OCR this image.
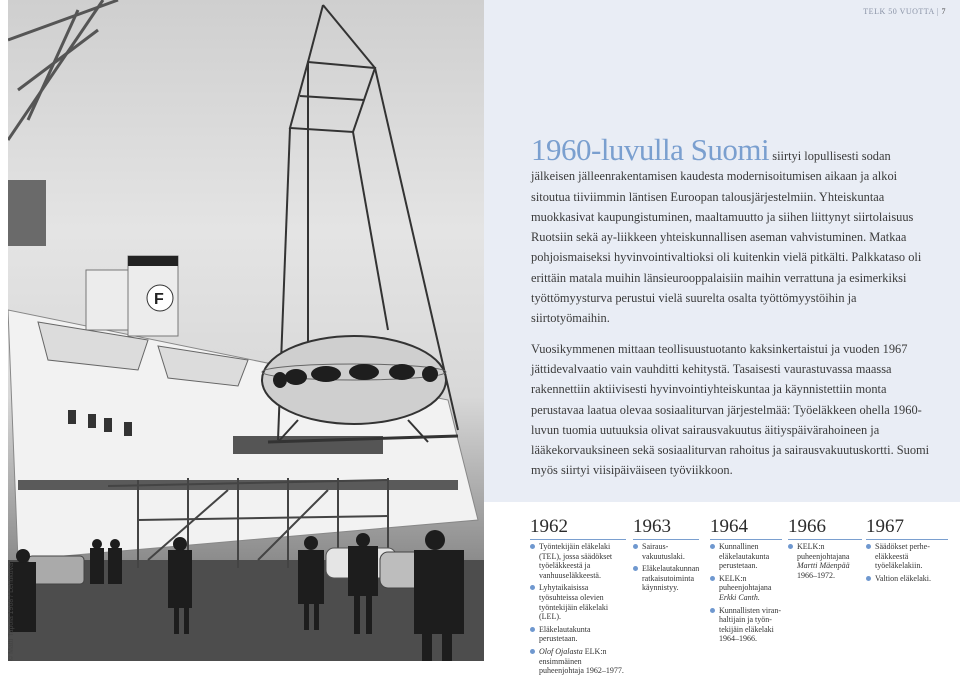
F
© Matti Tapola 1968 / Lehtikuva
TELK 50 VUOTTA | 7

1960-luvulla Suomi siirtyi lopullisesti sodan jälkeisen jälleenrakentamisen kaudesta modernisoitumisen aikaan ja alkoi sitoutua tiiviimmin läntisen Euroopan talousjärjestelmiin. Yhteiskuntaa muokkasivat kaupungistuminen, maaltamuutto ja siihen liittynyt siirtolaisuus Ruotsiin sekä ay-liikkeen yhteiskunnallisen aseman vahvistuminen. Matkaa pohjoismaiseksi hyvinvointivaltioksi oli kuitenkin vielä pitkälti. Palkkataso oli erittäin matala muihin länsieurooppalaisiin maihin verrattuna ja esimerkiksi työttömyysturva perustui vielä suurelta osalta työttömyystöihin ja siirtotyömaihin.

Vuosikymmenen mittaan teollisuustuotanto kaksinkertaistui ja vuoden 1967 jättidevalvaatio vain vauhditti kehitystä. Tasaisesti vaurastuvassa maassa rakennettiin aktiivisesti hyvinvointiyhteiskuntaa ja käynnistettiin monta perustavaa laatua olevaa sosiaaliturvan järjestelmää: Työeläkkeen ohella 1960-luvun tuomia uutuuksia olivat sairausvakuutus äitiyspäivärahoineen ja lääkekorvauksineen sekä sosiaaliturvan rahoitus ja sairausvakuutuskortti. Suomi myös siirtyi viisipäiväiseen työviikkoon.

1962
Työntekijäin eläkelaki (TEL), jossa säädökset työeläkkeestä ja vanhuuseläkkeestä.
Lyhytaikaisissa työsuhteissa olevien työntekijäin eläkelaki (LEL).
Eläkelautakunta perustetaan.
Olof Ojalasta ELK:n ensimmäinen puheenjohtaja 1962–1977.
1963
Sairausvakuutuslaki.
Eläkelautakunnan ratkaisutoiminta käynnistyy.
1964
Kunnallinen eläkelautakunta perustetaan.
KELK:n puheenjohtajana Erkki Canth.
Kunnallisten viranhaltijain ja työntekijäin eläkelaki 1964–1966.
1966
KELK:n puheenjohtajana Martti Mäenpää 1966–1972.
1967
Säädökset perhe-eläkkeestä työeläkelakiin.
Valtion eläkelaki.
